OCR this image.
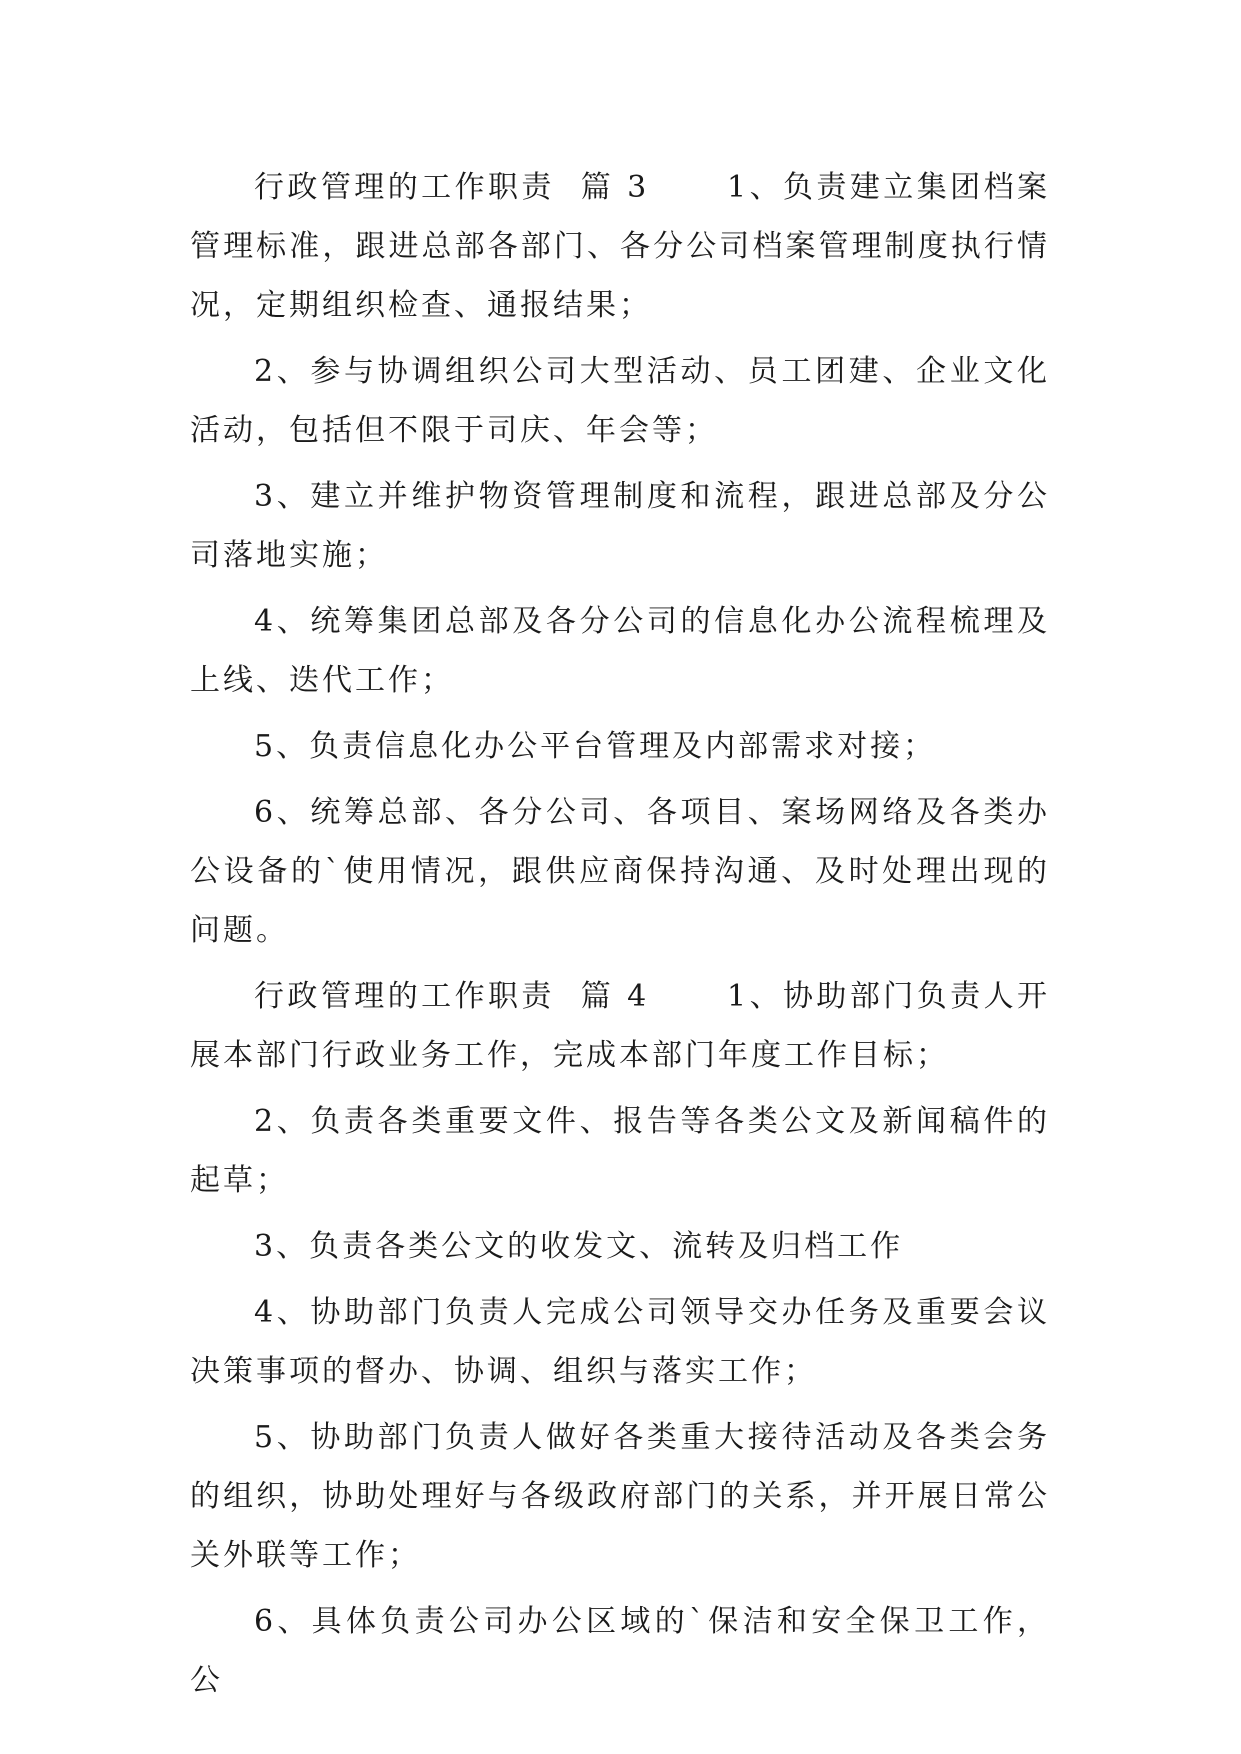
行政管理的工作职责  篇 3      1、负责建立集团档案管理标准，跟进总部各部门、各分公司档案管理制度执行情况，定期组织检查、通报结果；

2、参与协调组织公司大型活动、员工团建、企业文化活动，包括但不限于司庆、年会等；

3、建立并维护物资管理制度和流程，跟进总部及分公司落地实施；

4、统筹集团总部及各分公司的信息化办公流程梳理及上线、迭代工作；

5、负责信息化办公平台管理及内部需求对接；

6、统筹总部、各分公司、各项目、案场网络及各类办公设备的`使用情况，跟供应商保持沟通、及时处理出现的问题。

行政管理的工作职责  篇 4      1、协助部门负责人开展本部门行政业务工作，完成本部门年度工作目标；

2、负责各类重要文件、报告等各类公文及新闻稿件的起草；

3、负责各类公文的收发文、流转及归档工作

4、协助部门负责人完成公司领导交办任务及重要会议决策事项的督办、协调、组织与落实工作；

5、协助部门负责人做好各类重大接待活动及各类会务的组织，协助处理好与各级政府部门的关系，并开展日常公关外联等工作；

6、具体负责公司办公区域的`保洁和安全保卫工作，公
